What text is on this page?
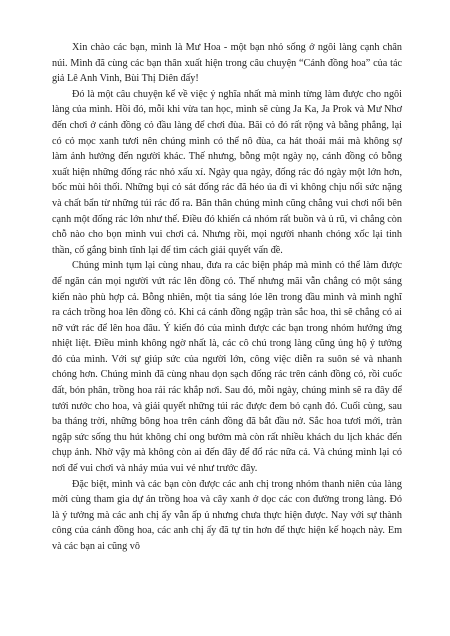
Xin chào các bạn, mình là Mư Hoa - một bạn nhỏ sống ở ngôi làng cạnh chân núi. Mình đã cùng các bạn thân xuất hiện trong câu chuyện “Cánh đồng hoa” của tác giả Lê Anh Vinh, Bùi Thị Diên đấy!

Đó là một câu chuyện kể về việc ý nghĩa nhất mà mình từng làm được cho ngôi làng của mình. Hồi đó, mỗi khi vừa tan học, mình sẽ cùng Ja Ka, Ja Prok và Mư Nhơ đến chơi ở cánh đồng cỏ đầu làng để chơi đùa. Bãi cỏ đó rất rộng và bằng phẳng, lại có cỏ mọc xanh tươi nên chúng mình có thể nô đùa, ca hát thoải mái mà không sợ làm ảnh hưởng đến người khác. Thế nhưng, bỗng một ngày nọ, cánh đồng cỏ bỗng xuất hiện những đống rác nhỏ xấu xí. Ngày qua ngày, đống rác đó ngày một lớn hơn, bốc mùi hôi thối. Những bụi cỏ sát đống rác đã héo úa đi vì không chịu nổi sức nặng và chất bẩn từ những túi rác đổ ra. Bãn thân chúng mình cũng chẳng vui chơi nổi bên cạnh một đống rác lớn như thế. Điều đó khiến cả nhóm rất buồn và ủ rũ, vì chẳng còn chỗ nào cho bọn mình vui chơi cả. Nhưng rồi, mọi người nhanh chóng xốc lại tinh thần, cố gắng bình tĩnh lại để tìm cách giải quyết vấn đề.

Chúng mình tụm lại cùng nhau, đưa ra các biện pháp mà mình có thể làm được để ngăn cản mọi người vứt rác lên đồng cỏ. Thế nhưng mãi vẫn chẳng có một sáng kiến nào phù hợp cả. Bỗng nhiên, một tia sáng lóe lên trong đầu mình và mình nghĩ ra cách trồng hoa lên đồng cỏ. Khi cả cánh đồng ngập tràn sắc hoa, thì sẽ chẳng có ai nỡ vứt rác để lên hoa đâu. Ý kiến đó của mình được các bạn trong nhóm hưởng ứng nhiệt liệt. Điều mình không ngờ nhất là, các cô chú trong làng cũng ủng hộ ý tưởng đó của mình. Với sự giúp sức của người lớn, công việc diễn ra suôn sẻ và nhanh chóng hơn. Chúng mình đã cùng nhau dọn sạch đống rác trên cánh đồng cỏ, rồi cuốc đất, bón phân, trồng hoa rải rác khắp nơi. Sau đó, mỗi ngày, chúng mình sẽ ra đây để tưới nước cho hoa, và giải quyết những túi rác được đem bỏ cạnh đó. Cuối cùng, sau ba tháng trời, những bông hoa trên cánh đồng đã bắt đầu nở. Sắc hoa tươi mới, tràn ngập sức sống thu hút không chỉ ong bướm mà còn rất nhiều khách du lịch khác đến chụp ảnh. Nhờ vậy mà không còn ai đến đây để đổ rác nữa cả. Và chúng mình lại có nơi để vui chơi và nhảy múa vui vẻ như trước đây.

Đặc biệt, mình và các bạn còn được các anh chị trong nhóm thanh niên của làng mời cùng tham gia dự án trồng hoa và cây xanh ở dọc các con đường trong làng. Đó là ý tưởng mà các anh chị ấy vẫn ấp ủ nhưng chưa thực hiện được. Nay với sự thành công của cánh đồng hoa, các anh chị ấy đã tự tin hơn để thực hiện kế hoạch này. Em và các bạn ai cũng vô
